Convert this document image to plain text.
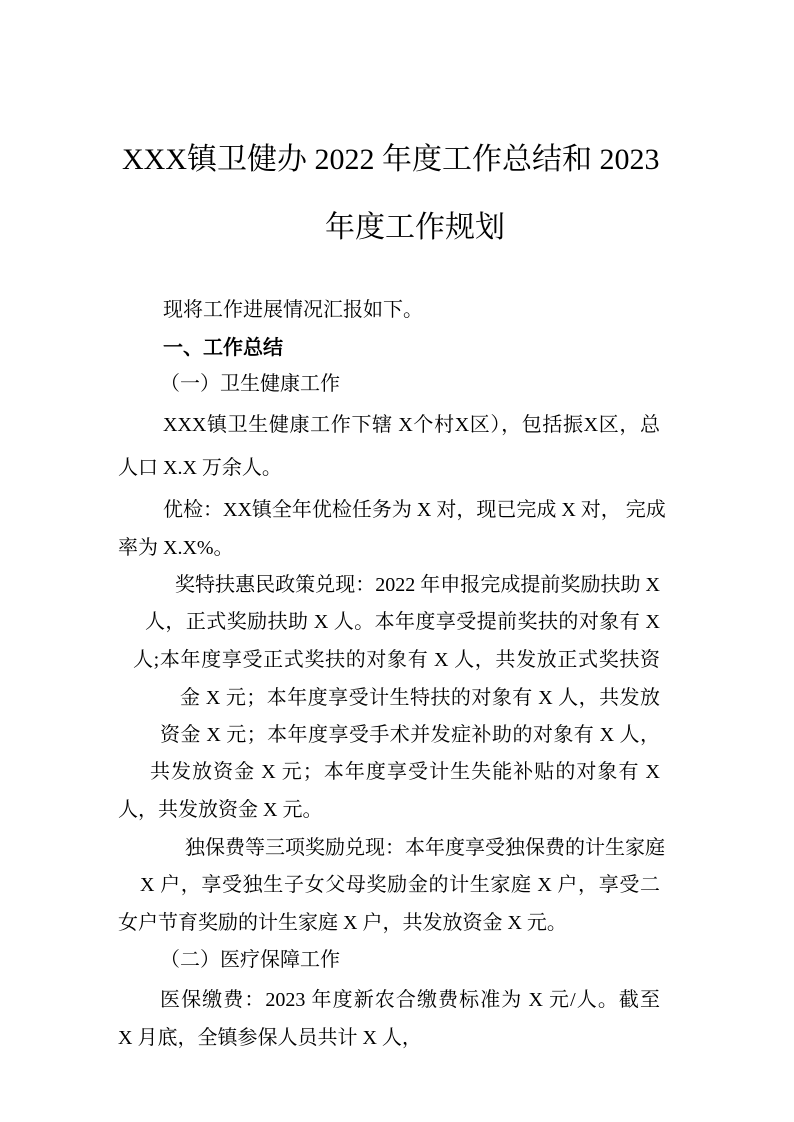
XXX镇卫健办 2022 年度工作总结和 2023
年度工作规划
现将工作进展情况汇报如下。
一、工作总结
（一）卫生健康工作
XXX镇卫生健康工作下辖 X个村X区），包括振X区，总
人口 X.X 万余人。
优检：XX镇全年优检任务为 X 对，现已完成 X 对， 完成
率为 X.X%。
奖特扶惠民政策兑现：2022 年申报完成提前奖励扶助 X
人，正式奖励扶助 X 人。本年度享受提前奖扶的对象有 X
人;本年度享受正式奖扶的对象有 X 人，共发放正式奖扶资
金 X 元；本年度享受计生特扶的对象有 X 人，共发放
资金 X 元；本年度享受手术并发症补助的对象有 X 人，
共发放资金 X 元；本年度享受计生失能补贴的对象有 X
人，共发放资金 X 元。
独保费等三项奖励兑现：本年度享受独保费的计生家庭
X 户，享受独生子女父母奖励金的计生家庭 X 户，享受二
女户节育奖励的计生家庭 X 户，共发放资金 X 元。
（二）医疗保障工作
医保缴费：2023 年度新农合缴费标准为 X 元/人。截至
X 月底，全镇参保人员共计 X 人，
